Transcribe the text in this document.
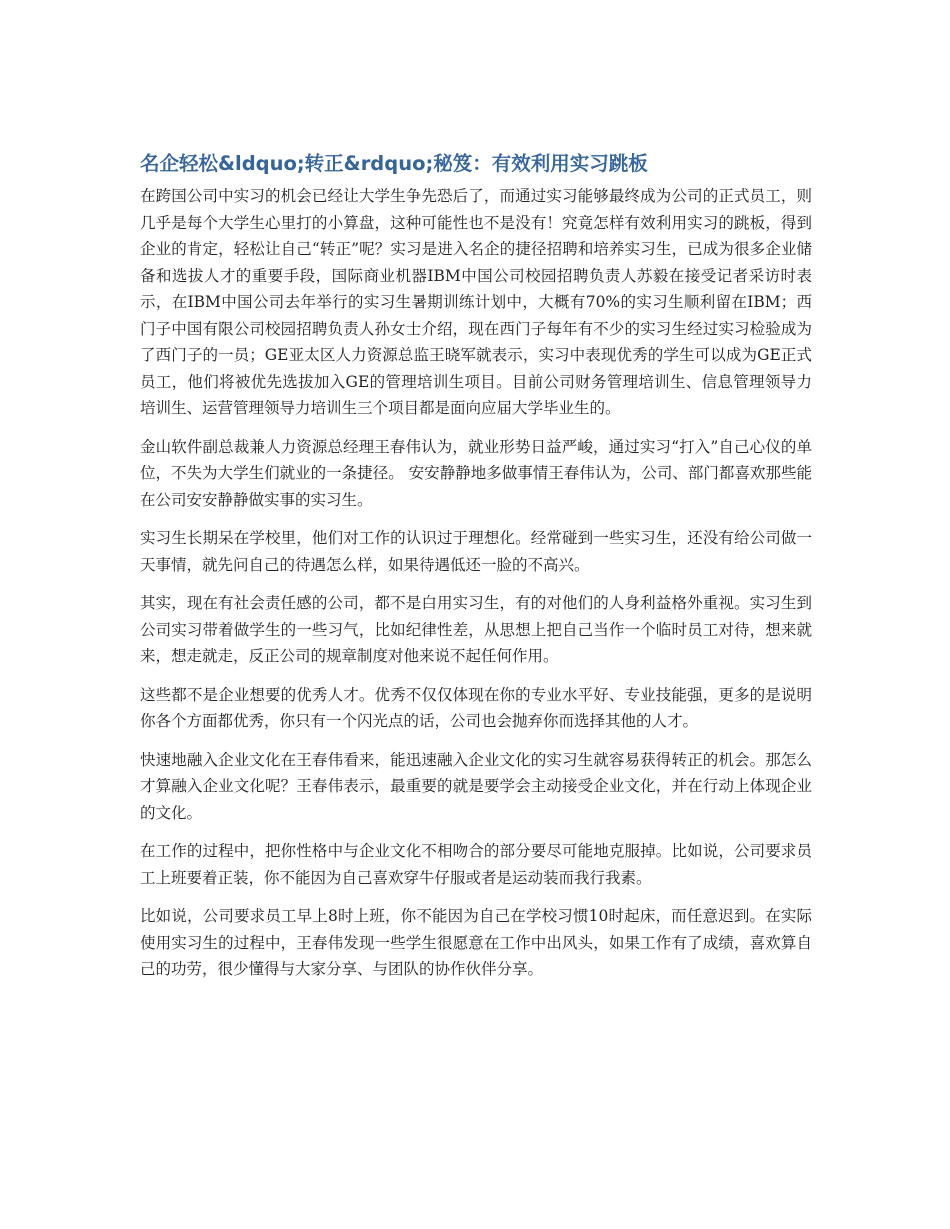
名企轻松&ldquo;转正&rdquo;秘笈：有效利用实习跳板

在跨国公司中实习的机会已经让大学生争先恐后了，而通过实习能够最终成为公司的正式员工，则几乎是每个大学生心里打的小算盘，这种可能性也不是没有！究竟怎样有效利用实习的跳板，得到企业的肯定，轻松让自己“转正”呢？实习是进入名企的捷径招聘和培养实习生，已成为很多企业储备和选拔人才的重要手段，国际商业机器IBM中国公司校园招聘负责人苏毅在接受记者采访时表示，在IBM中国公司去年举行的实习生暑期训练计划中，大概有70%的实习生顺利留在IBM；西门子中国有限公司校园招聘负责人孙女士介绍，现在西门子每年有不少的实习生经过实习检验成为了西门子的一员；GE亚太区人力资源总监王晓军就表示，实习中表现优秀的学生可以成为GE正式员工，他们将被优先选拔加入GE的管理培训生项目。目前公司财务管理培训生、信息管理领导力培训生、运营管理领导力培训生三个项目都是面向应届大学毕业生的。

金山软件副总裁兼人力资源总经理王春伟认为，就业形势日益严峻，通过实习“打入”自己心仪的单位，不失为大学生们就业的一条捷径。 安安静静地多做事情王春伟认为，公司、部门都喜欢那些能在公司安安静静做实事的实习生。

实习生长期呆在学校里，他们对工作的认识过于理想化。经常碰到一些实习生，还没有给公司做一天事情，就先问自己的待遇怎么样，如果待遇低还一脸的不高兴。

其实，现在有社会责任感的公司，都不是白用实习生，有的对他们的人身利益格外重视。实习生到公司实习带着做学生的一些习气，比如纪律性差，从思想上把自己当作一个临时员工对待，想来就来，想走就走，反正公司的规章制度对他来说不起任何作用。

这些都不是企业想要的优秀人才。优秀不仅仅体现在你的专业水平好、专业技能强，更多的是说明你各个方面都优秀，你只有一个闪光点的话，公司也会抛弃你而选择其他的人才。

快速地融入企业文化在王春伟看来，能迅速融入企业文化的实习生就容易获得转正的机会。那怎么才算融入企业文化呢？王春伟表示，最重要的就是要学会主动接受企业文化，并在行动上体现企业的文化。

在工作的过程中，把你性格中与企业文化不相吻合的部分要尽可能地克服掉。比如说，公司要求员工上班要着正装，你不能因为自己喜欢穿牛仔服或者是运动装而我行我素。

比如说，公司要求员工早上8时上班，你不能因为自己在学校习惯10时起床，而任意迟到。在实际使用实习生的过程中，王春伟发现一些学生很愿意在工作中出风头，如果工作有了成绩，喜欢算自己的功劳，很少懂得与大家分享、与团队的协作伙伴分享。
